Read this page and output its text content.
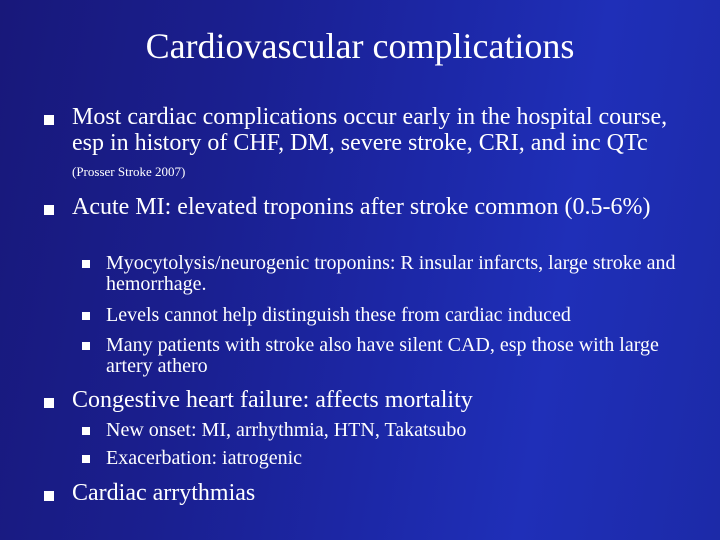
Cardiovascular complications
Most cardiac complications occur early in the hospital course, esp in history of CHF, DM, severe stroke, CRI, and inc QTc (Prosser Stroke 2007)
Acute MI: elevated troponins after stroke common (0.5-6%)
Myocytolysis/neurogenic troponins: R insular infarcts, large stroke and hemorrhage.
Levels cannot help distinguish these from cardiac induced
Many patients with stroke also have silent CAD, esp those with large artery athero
Congestive heart failure: affects mortality
New onset: MI, arrhythmia, HTN, Takatsubo
Exacerbation: iatrogenic
Cardiac arrythmias
